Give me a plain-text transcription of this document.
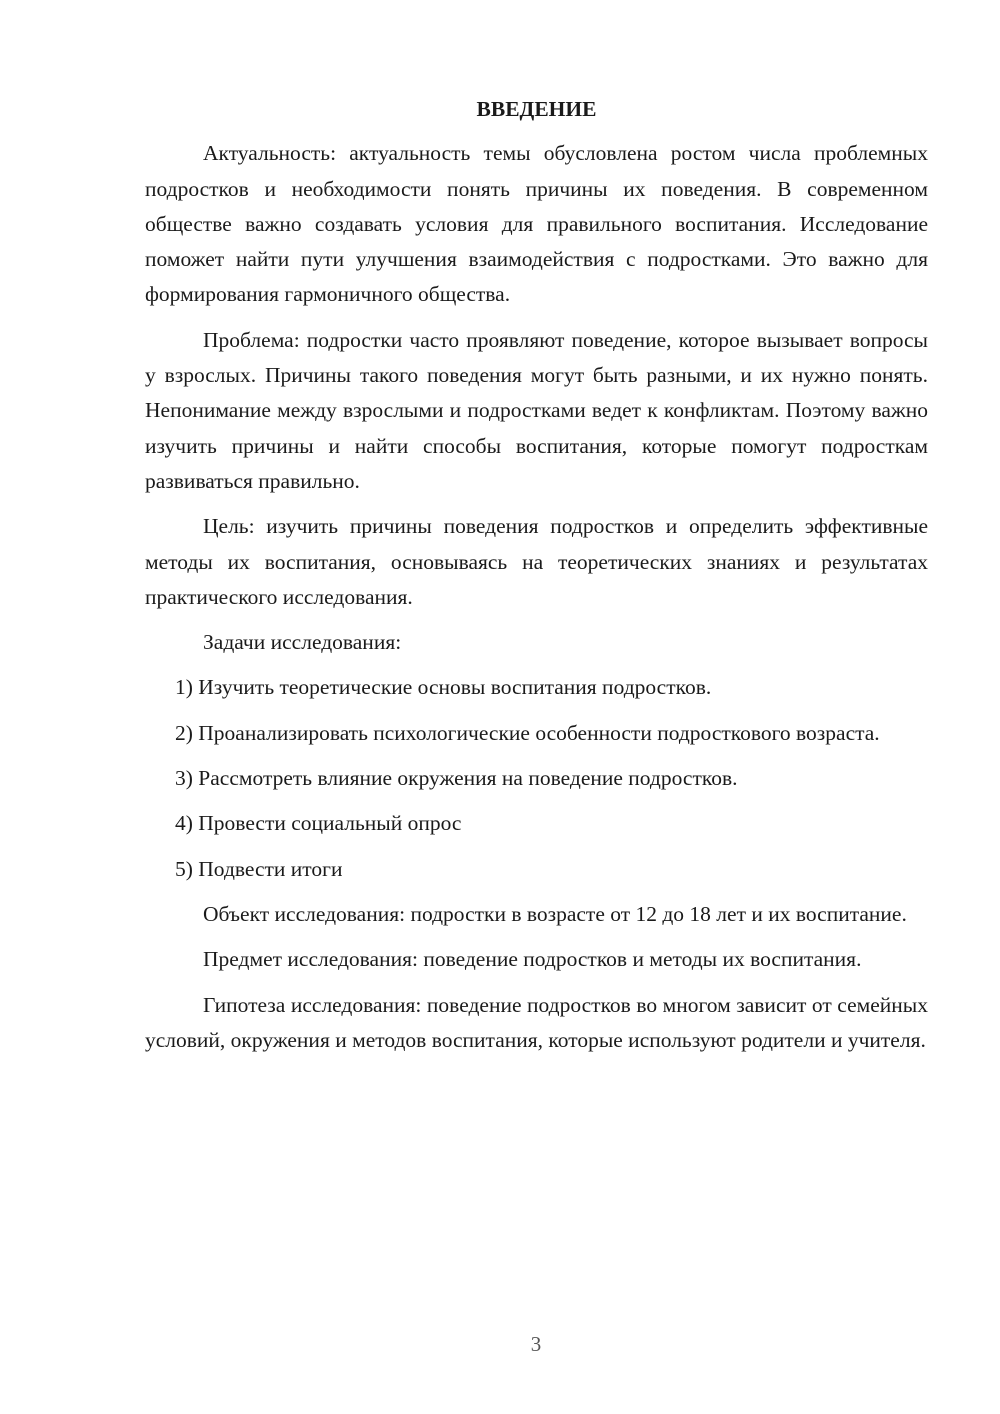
ВВЕДЕНИЕ

Актуальность: актуальность темы обусловлена ростом числа проблемных подростков и необходимости понять причины их поведения. В современном обществе важно создавать условия для правильного воспитания. Исследование поможет найти пути улучшения взаимодействия с подростками. Это важно для формирования гармоничного общества.

Проблема: подростки часто проявляют поведение, которое вызывает вопросы у взрослых. Причины такого поведения могут быть разными, и их нужно понять. Непонимание между взрослыми и подростками ведет к конфликтам. Поэтому важно изучить причины и найти способы воспитания, которые помогут подросткам развиваться правильно.

Цель: изучить причины поведения подростков и определить эффективные методы их воспитания, основываясь на теоретических знаниях и результатах практического исследования.

Задачи исследования:

1) Изучить теоретические основы воспитания подростков.

2) Проанализировать психологические особенности подросткового возраста.

3) Рассмотреть влияние окружения на поведение подростков.

4) Провести социальный опрос

5) Подвести итоги

Объект исследования: подростки в возрасте от 12 до 18 лет и их воспитание.

Предмет исследования: поведение подростков и методы их воспитания.

Гипотеза исследования: поведение подростков во многом зависит от семейных условий, окружения и методов воспитания, которые используют родители и учителя.

3
